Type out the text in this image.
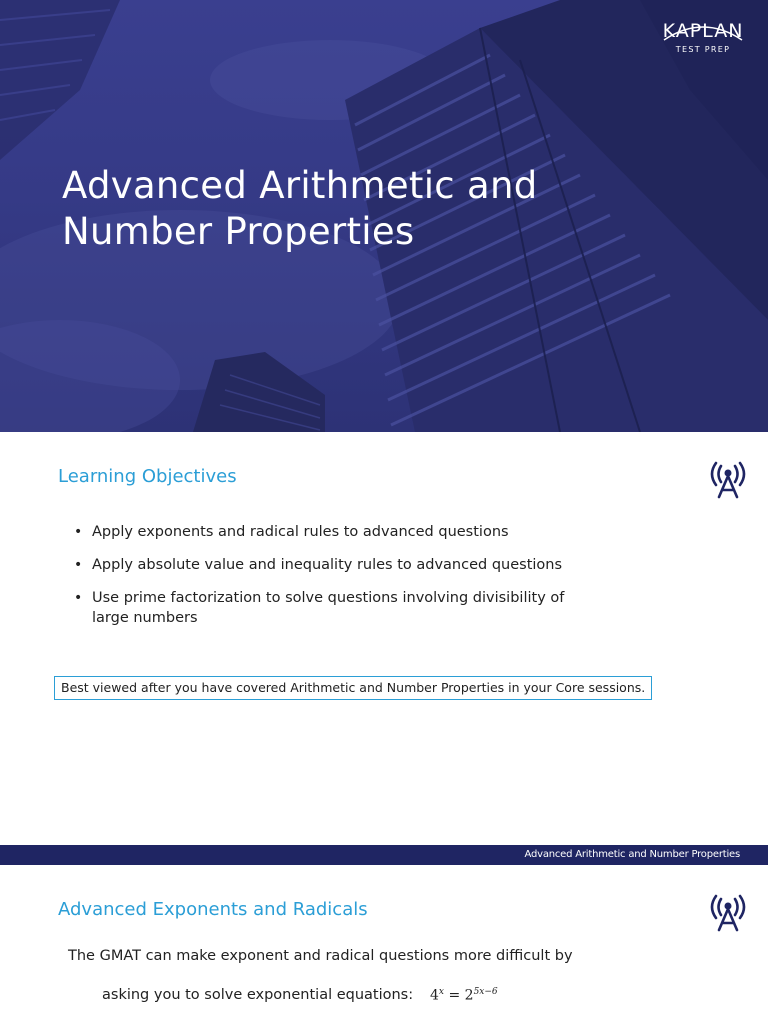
KAPLAN
TEST PREP
Advanced Arithmetic and
Number Properties
Learning Objectives
• Apply exponents and radical rules to advanced questions
• Apply absolute value and inequality rules to advanced questions
• Use prime factorization to solve questions involving divisibility of large numbers
Best viewed after you have covered Arithmetic and Number Properties in your Core sessions.
Advanced Arithmetic and Number Properties
Advanced Exponents and Radicals
The GMAT can make exponent and radical questions more difficult by
asking you to solve exponential equations: $4^x = 2^{5x-6}$
